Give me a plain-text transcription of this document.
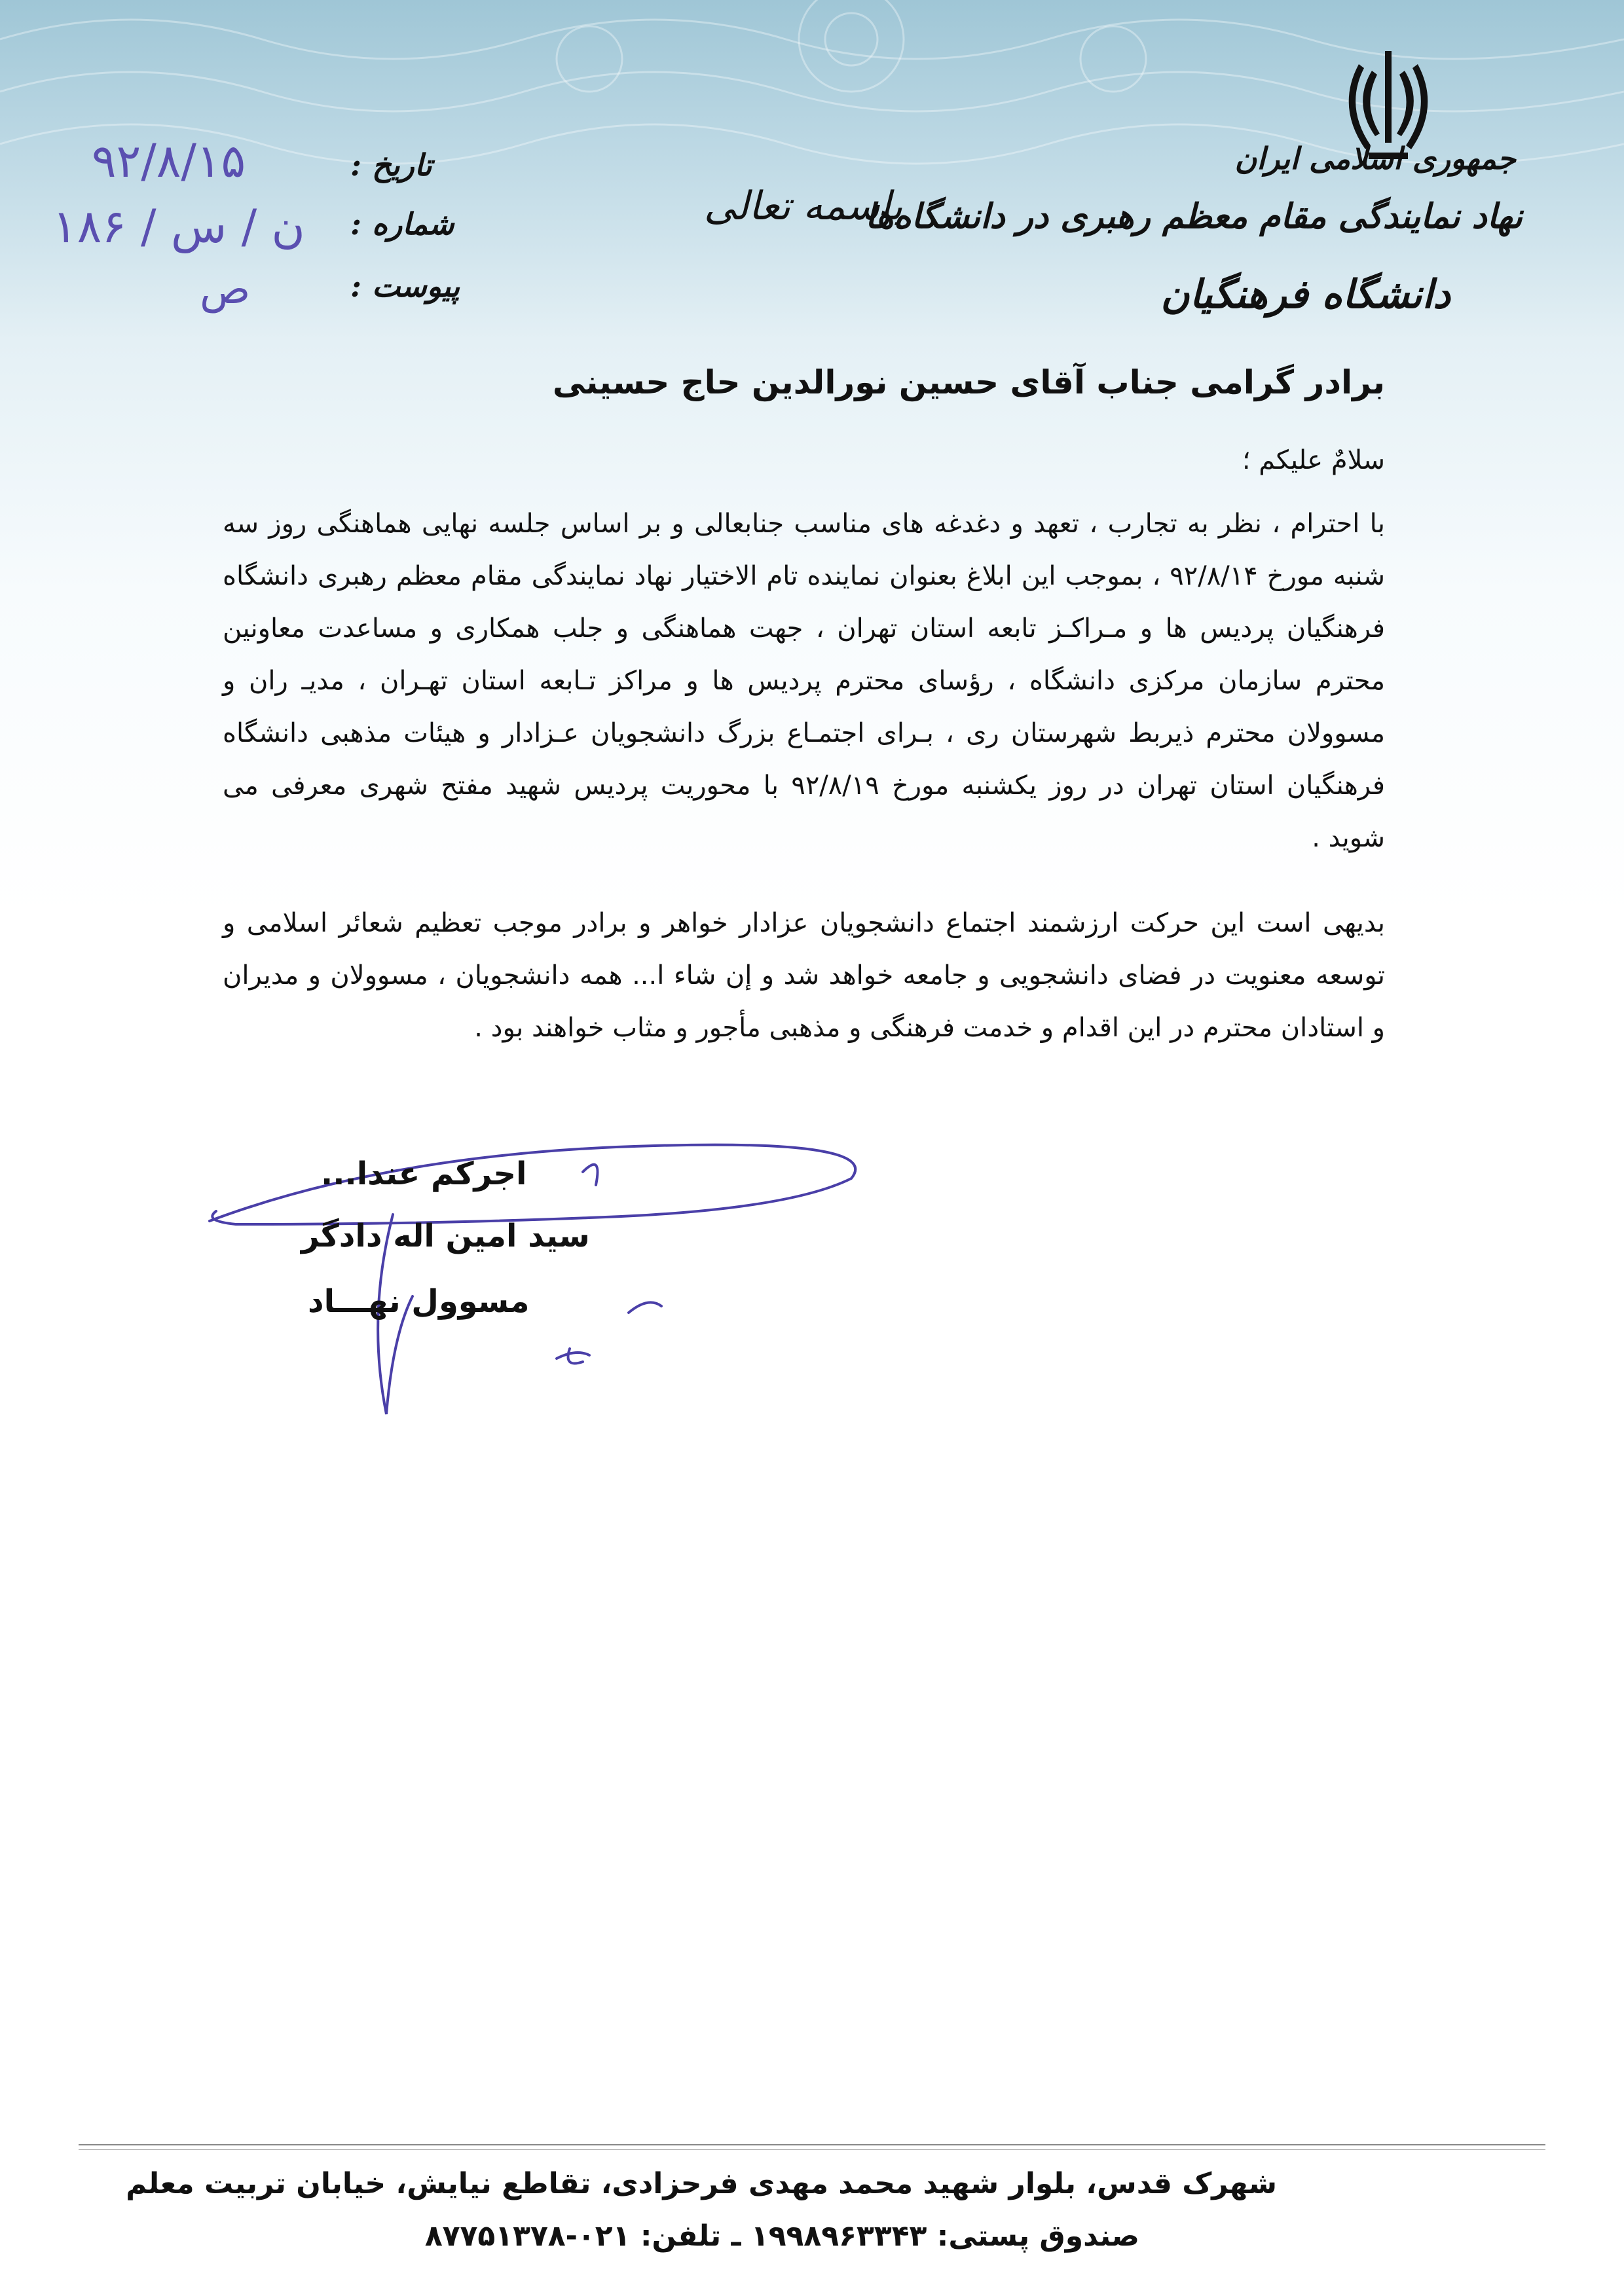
جمهوری اسلامی ایران
نهاد نمایندگی مقام معظم رهبری در دانشگاه‌ها
دانشگاه فرهنگیان
باسمه تعالی
تاریخ :
شماره :
پیوست :
۹۲/۸/۱۵
۱۸۶ / ن / س
ص
برادر گرامی جناب آقای حسین نورالدین حاج حسینی
سلامٌ علیکم ؛
با احترام ، نظر به تجارب ، تعهد و دغدغه های مناسب جنابعالی و بر اساس جلسه نهایی هماهنگی روز سه شنبه مورخ ۹۲/۸/۱۴ ، بموجب این ابلاغ بعنوان نماینده تام الاختیار نهاد نمایندگی مقام معظم رهبری دانشگاه فرهنگیان پردیس ها و مـراکـز تابعه استان تهران ، جهت هماهنگی و جلب همکاری و مساعدت معاونین محترم سازمان مرکزی دانشگاه ، رؤسای محترم پردیس ها و مراکز تـابعه استان تهـران ، مدیـ ران و مسوولان محترم ذیربط شهرستان ری ، بـرای اجتمـاع بزرگ دانشجویان عـزادار و هیئات مذهبی دانشگاه فرهنگیان استان تهران در روز یکشنبه مورخ ۹۲/۸/۱۹ با محوریت پردیس شهید مفتح شهری معرفی می شوید .
بدیهی است این حرکت ارزشمند اجتماع دانشجویان عزادار خواهر و برادر موجب تعظیم شعائر اسلامی و توسعه معنویت در فضای دانشجویی و جامعه خواهد شد و إن شاء ا... همه دانشجویان ، مسوولان و مدیران و استادان محترم در این اقدام و خدمت فرهنگی و مذهبی مأجور و مثاب خواهند بود .
اجرکم عندا...
سید امین اله دادگر
مسوول نهـــاد
شهرک قدس، بلوار شهید محمد مهدی فرحزادی، تقاطع نیایش، خیابان تربیت معلم
صندوق پستی: ۱۹۹۸۹۶۳۳۴۳ ـ تلفن: ۰۲۱-۸۷۷۵۱۳۷۸
